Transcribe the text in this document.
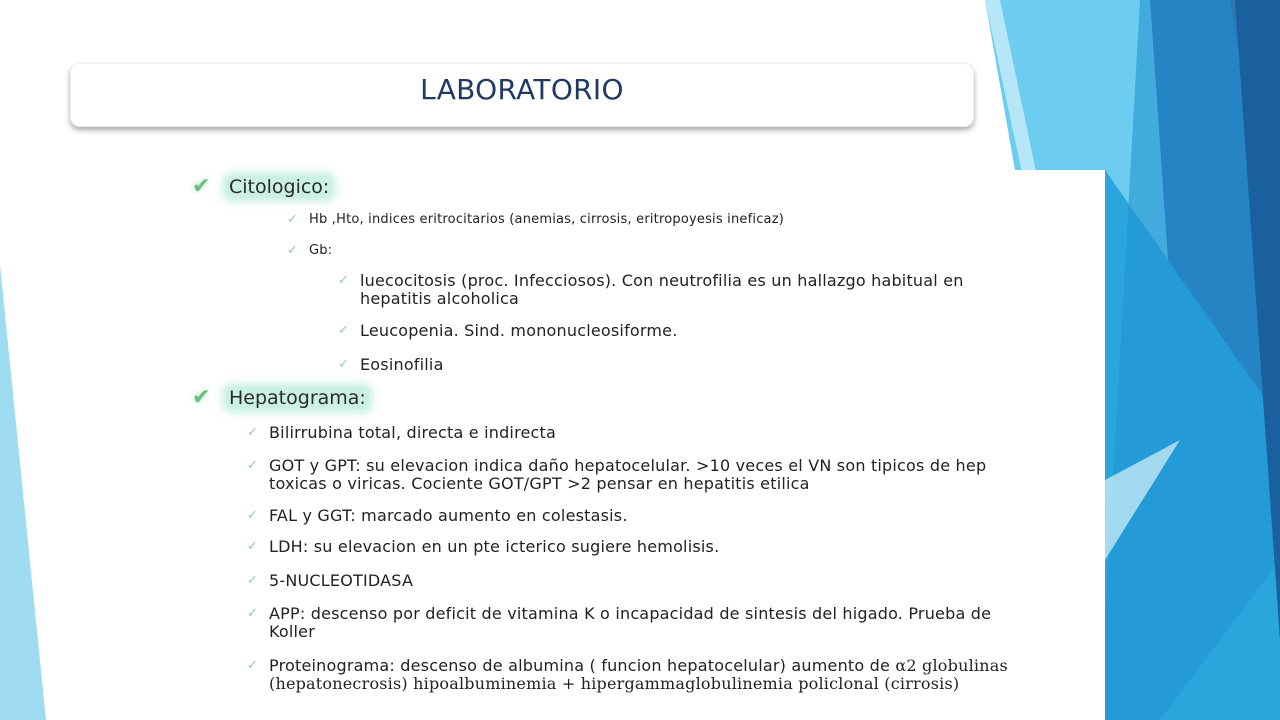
LABORATORIO
✔ Citologico:
✓ Hb ,Hto, indices eritrocitarios (anemias, cirrosis, eritropoyesis ineficaz)
✓ Gb:
✓ luecocitosis (proc. Infecciosos). Con neutrofilia es un hallazgo habitual en
hepatitis alcoholica
✓ Leucopenia. Sind. mononucleosiforme.
✓ Eosinofilia
✔ Hepatograma:
✓ Bilirrubina total, directa e indirecta
✓ GOT y GPT: su elevacion indica daño hepatocelular. >10 veces el VN son tipicos de hep
toxicas o viricas. Cociente GOT/GPT >2 pensar en hepatitis etilica
✓ FAL y GGT: marcado aumento en colestasis.
✓ LDH: su elevacion en un pte icterico sugiere hemolisis.
✓ 5-NUCLEOTIDASA
✓ APP: descenso por deficit de vitamina K o incapacidad de sintesis del higado. Prueba de
Koller
✓ Proteinograma: descenso de albumina ( funcion hepatocelular) aumento de α2 globulinas
(hepatonecrosis) hipoalbuminemia + hipergammaglobulinemia policlonal (cirrosis)
